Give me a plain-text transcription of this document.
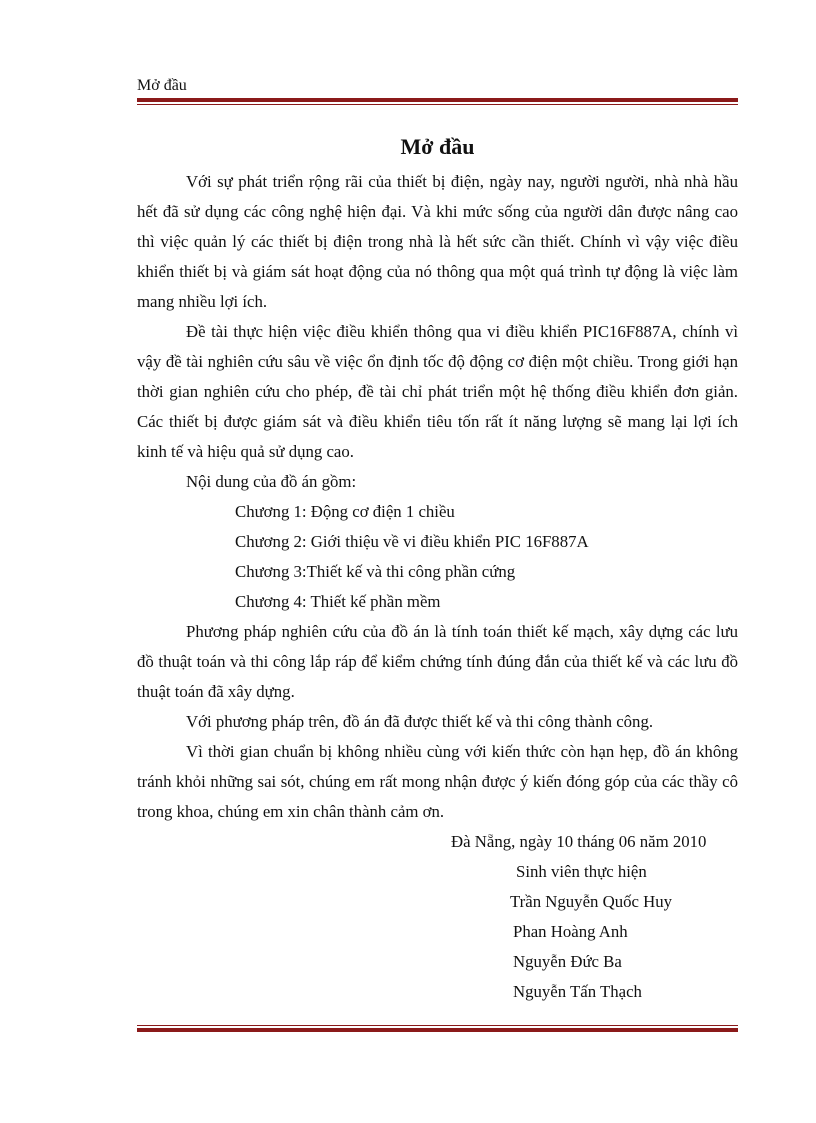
Mở đầu
Mở đầu

Với sự phát triển rộng rãi của thiết bị điện, ngày nay, người người, nhà nhà hầu hết đã sử dụng các công nghệ hiện đại. Và khi mức sống của người dân được nâng cao thì việc quản lý các thiết bị điện trong nhà là hết sức cần thiết. Chính vì vậy việc điều khiển thiết bị và giám sát hoạt động của nó thông qua một quá trình tự động là việc làm mang nhiều lợi ích.

Đề tài thực hiện việc điều khiển thông qua vi điều khiển PIC16F887A, chính vì vậy đề tài nghiên cứu sâu về việc ổn định tốc độ động cơ điện một chiều. Trong giới hạn thời gian nghiên cứu cho phép, đề tài chỉ phát triển một hệ thống điều khiển đơn giản. Các thiết bị được giám sát và điều khiển tiêu tốn rất ít năng lượng sẽ mang lại lợi ích kinh tế và hiệu quả sử dụng cao.

Nội dung của đồ án gồm:

Chương 1: Động cơ điện 1 chiều

Chương 2: Giới thiệu về vi điều khiển PIC 16F887A

Chương 3:Thiết kế và thi công phần cứng

Chương 4: Thiết kế phần mềm

Phương pháp nghiên cứu của đồ án là tính toán thiết kế mạch, xây dựng các lưu đồ thuật toán và thi công lắp ráp để kiểm chứng tính đúng đắn của thiết kế và các lưu đồ thuật toán đã xây dựng.

Với phương pháp trên, đồ án đã được thiết kế và thi công thành công.

Vì thời gian chuẩn bị không nhiều cùng với kiến thức còn hạn hẹp, đồ án không tránh khỏi những sai sót, chúng em rất mong nhận được ý kiến đóng góp của các thầy cô trong khoa, chúng em xin chân thành cảm ơn.

Đà Nẵng, ngày 10 tháng 06 năm 2010
Sinh viên thực hiện
Trần Nguyễn Quốc Huy
Phan Hoàng Anh
Nguyễn Đức Ba
Nguyễn Tấn Thạch
